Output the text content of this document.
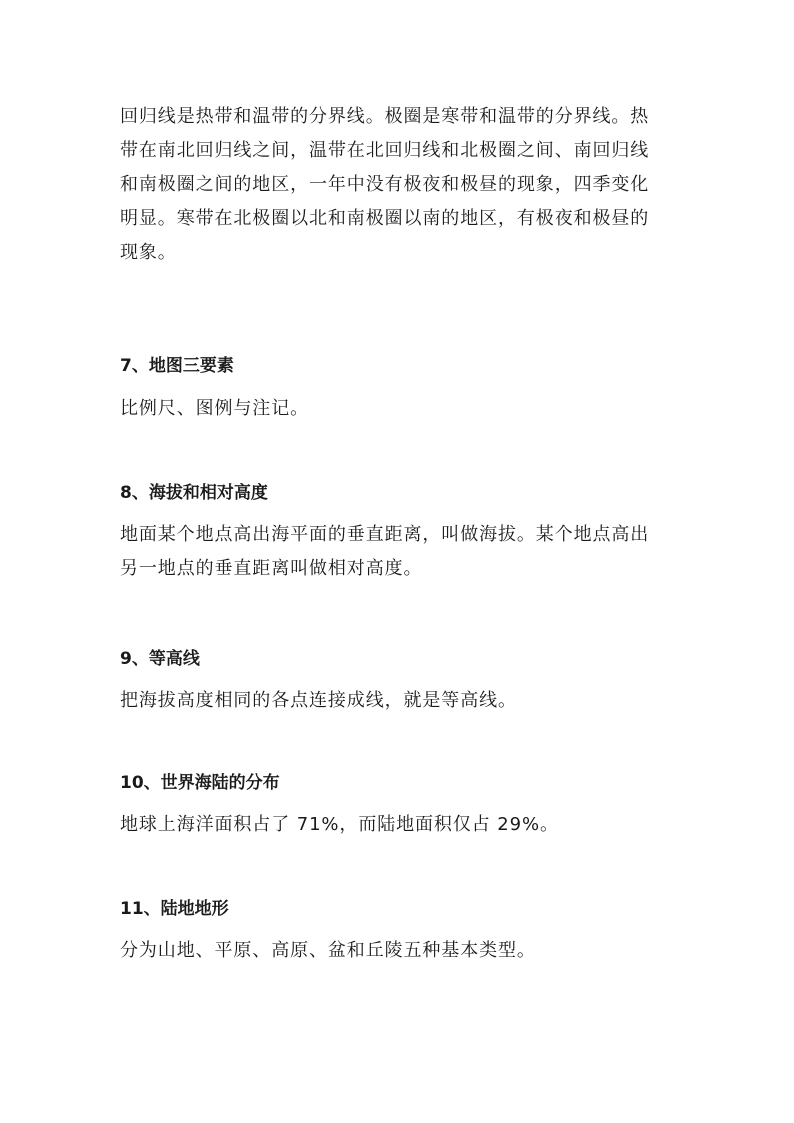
回归线是热带和温带的分界线。极圈是寒带和温带的分界线。热
带在南北回归线之间，温带在北回归线和北极圈之间、南回归线
和南极圈之间的地区，一年中没有极夜和极昼的现象，四季变化
明显。寒带在北极圈以北和南极圈以南的地区，有极夜和极昼的
现象。
7、地图三要素
比例尺、图例与注记。
8、海拔和相对高度
地面某个地点高出海平面的垂直距离，叫做海拔。某个地点高出
另一地点的垂直距离叫做相对高度。
9、等高线
把海拔高度相同的各点连接成线，就是等高线。
10、世界海陆的分布
地球上海洋面积占了 71%，而陆地面积仅占 29%。
11、陆地地形
分为山地、平原、高原、盆和丘陵五种基本类型。
